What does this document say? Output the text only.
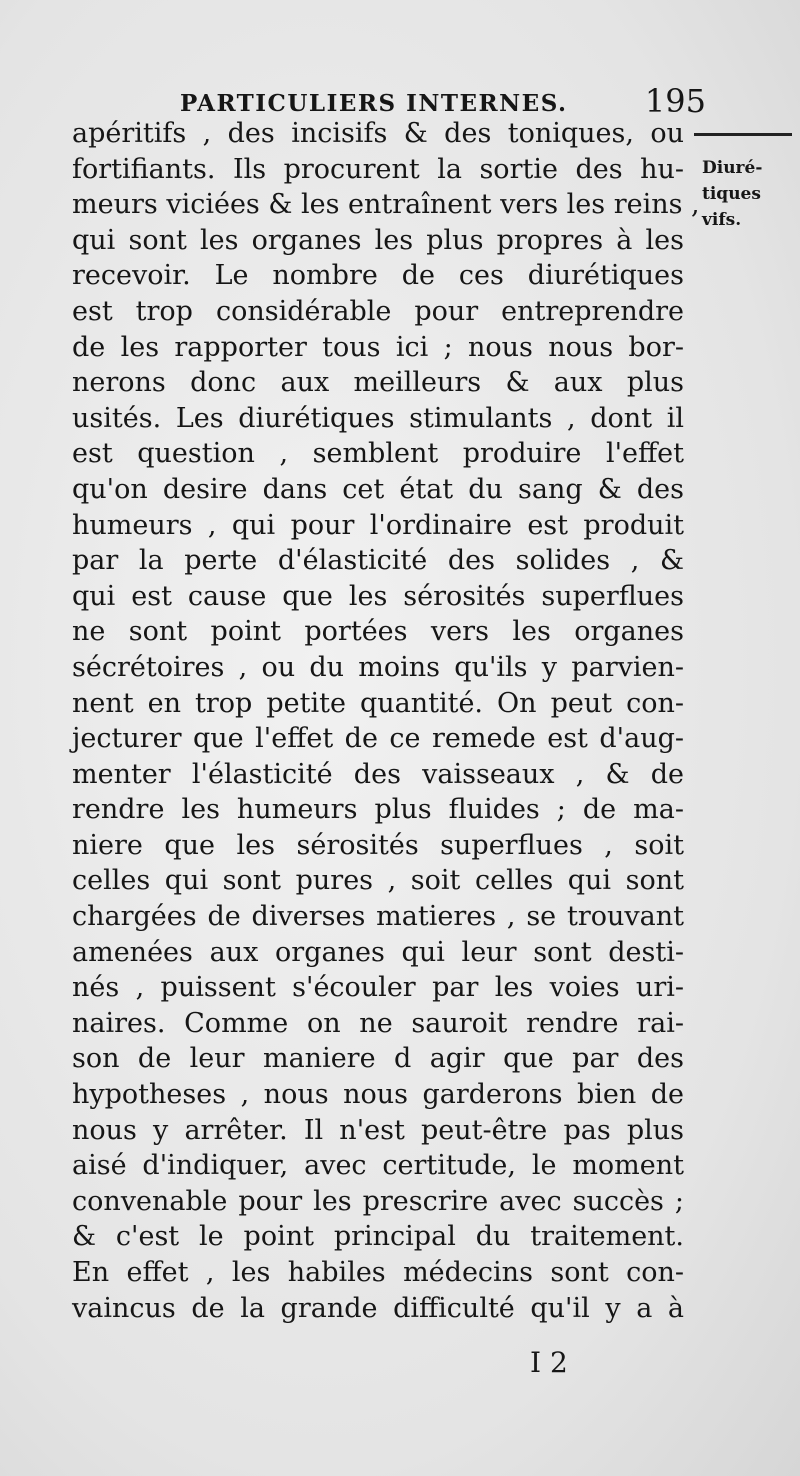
PARTICULIERS INTERNES. 195
Diuré-
tiques
vifs.
apéritifs , des incisifs & des toniques, ou
fortifiants. Ils procurent la sortie des hu-
meurs viciées & les entraînent vers les reins ,
qui sont les organes les plus propres à les
recevoir. Le nombre de ces diurétiques
est trop considérable pour entreprendre
de les rapporter tous ici ; nous nous bor-
nerons donc aux meilleurs & aux plus
usités. Les diurétiques stimulants , dont il
est question , semblent produire l'effet
qu'on desire dans cet état du sang & des
humeurs , qui pour l'ordinaire est produit
par la perte d'élasticité des solides , &
qui est cause que les sérosités superflues
ne sont point portées vers les organes
sécrétoires , ou du moins qu'ils y parvien-
nent en trop petite quantité. On peut con-
jecturer que l'effet de ce remede est d'aug-
menter l'élasticité des vaisseaux , & de
rendre les humeurs plus fluides ; de ma-
niere que les sérosités superflues , soit
celles qui sont pures , soit celles qui sont
chargées de diverses matieres , se trouvant
amenées aux organes qui leur sont desti-
nés , puissent s'écouler par les voies uri-
naires. Comme on ne sauroit rendre rai-
son de leur maniere d agir que par des
hypotheses , nous nous garderons bien de
nous y arrêter. Il n'est peut-être pas plus
aisé d'indiquer, avec certitude, le moment
convenable pour les prescrire avec succès ;
& c'est le point principal du traitement.
En effet , les habiles médecins sont con-
vaincus de la grande difficulté qu'il y a à
I 2
